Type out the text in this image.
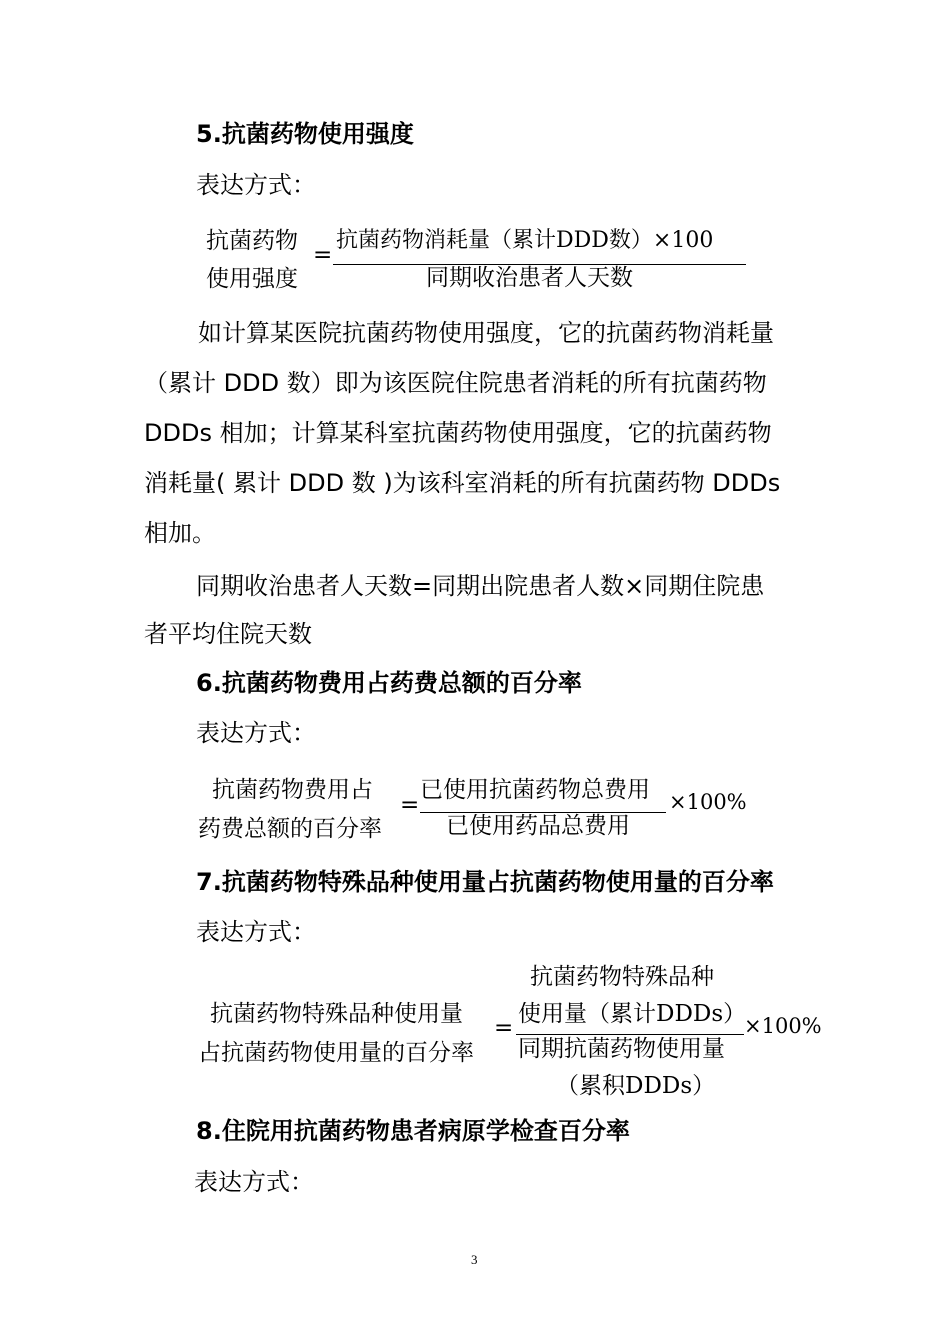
5.抗菌药物使用强度
表达方式：
抗菌药物
使用强度
=
抗菌药物消耗量（累计DDD数）×100
同期收治患者人天数
如计算某医院抗菌药物使用强度，它的抗菌药物消耗量
（累计 DDD 数）即为该医院住院患者消耗的所有抗菌药物
DDDs 相加；计算某科室抗菌药物使用强度，它的抗菌药物
消耗量( 累计 DDD 数 )为该科室消耗的所有抗菌药物 DDDs
相加。
同期收治患者人天数=同期出院患者人数×同期住院患
者平均住院天数
6.抗菌药物费用占药费总额的百分率
表达方式：
抗菌药物费用占
药费总额的百分率
=
已使用抗菌药物总费用
已使用药品总费用
×100%
7.抗菌药物特殊品种使用量占抗菌药物使用量的百分率
表达方式：
抗菌药物特殊品种使用量
占抗菌药物使用量的百分率
=
抗菌药物特殊品种
使用量（累计DDDs）
同期抗菌药物使用量
（累积DDDs）
×100%
8.住院用抗菌药物患者病原学检查百分率
表达方式：
3
